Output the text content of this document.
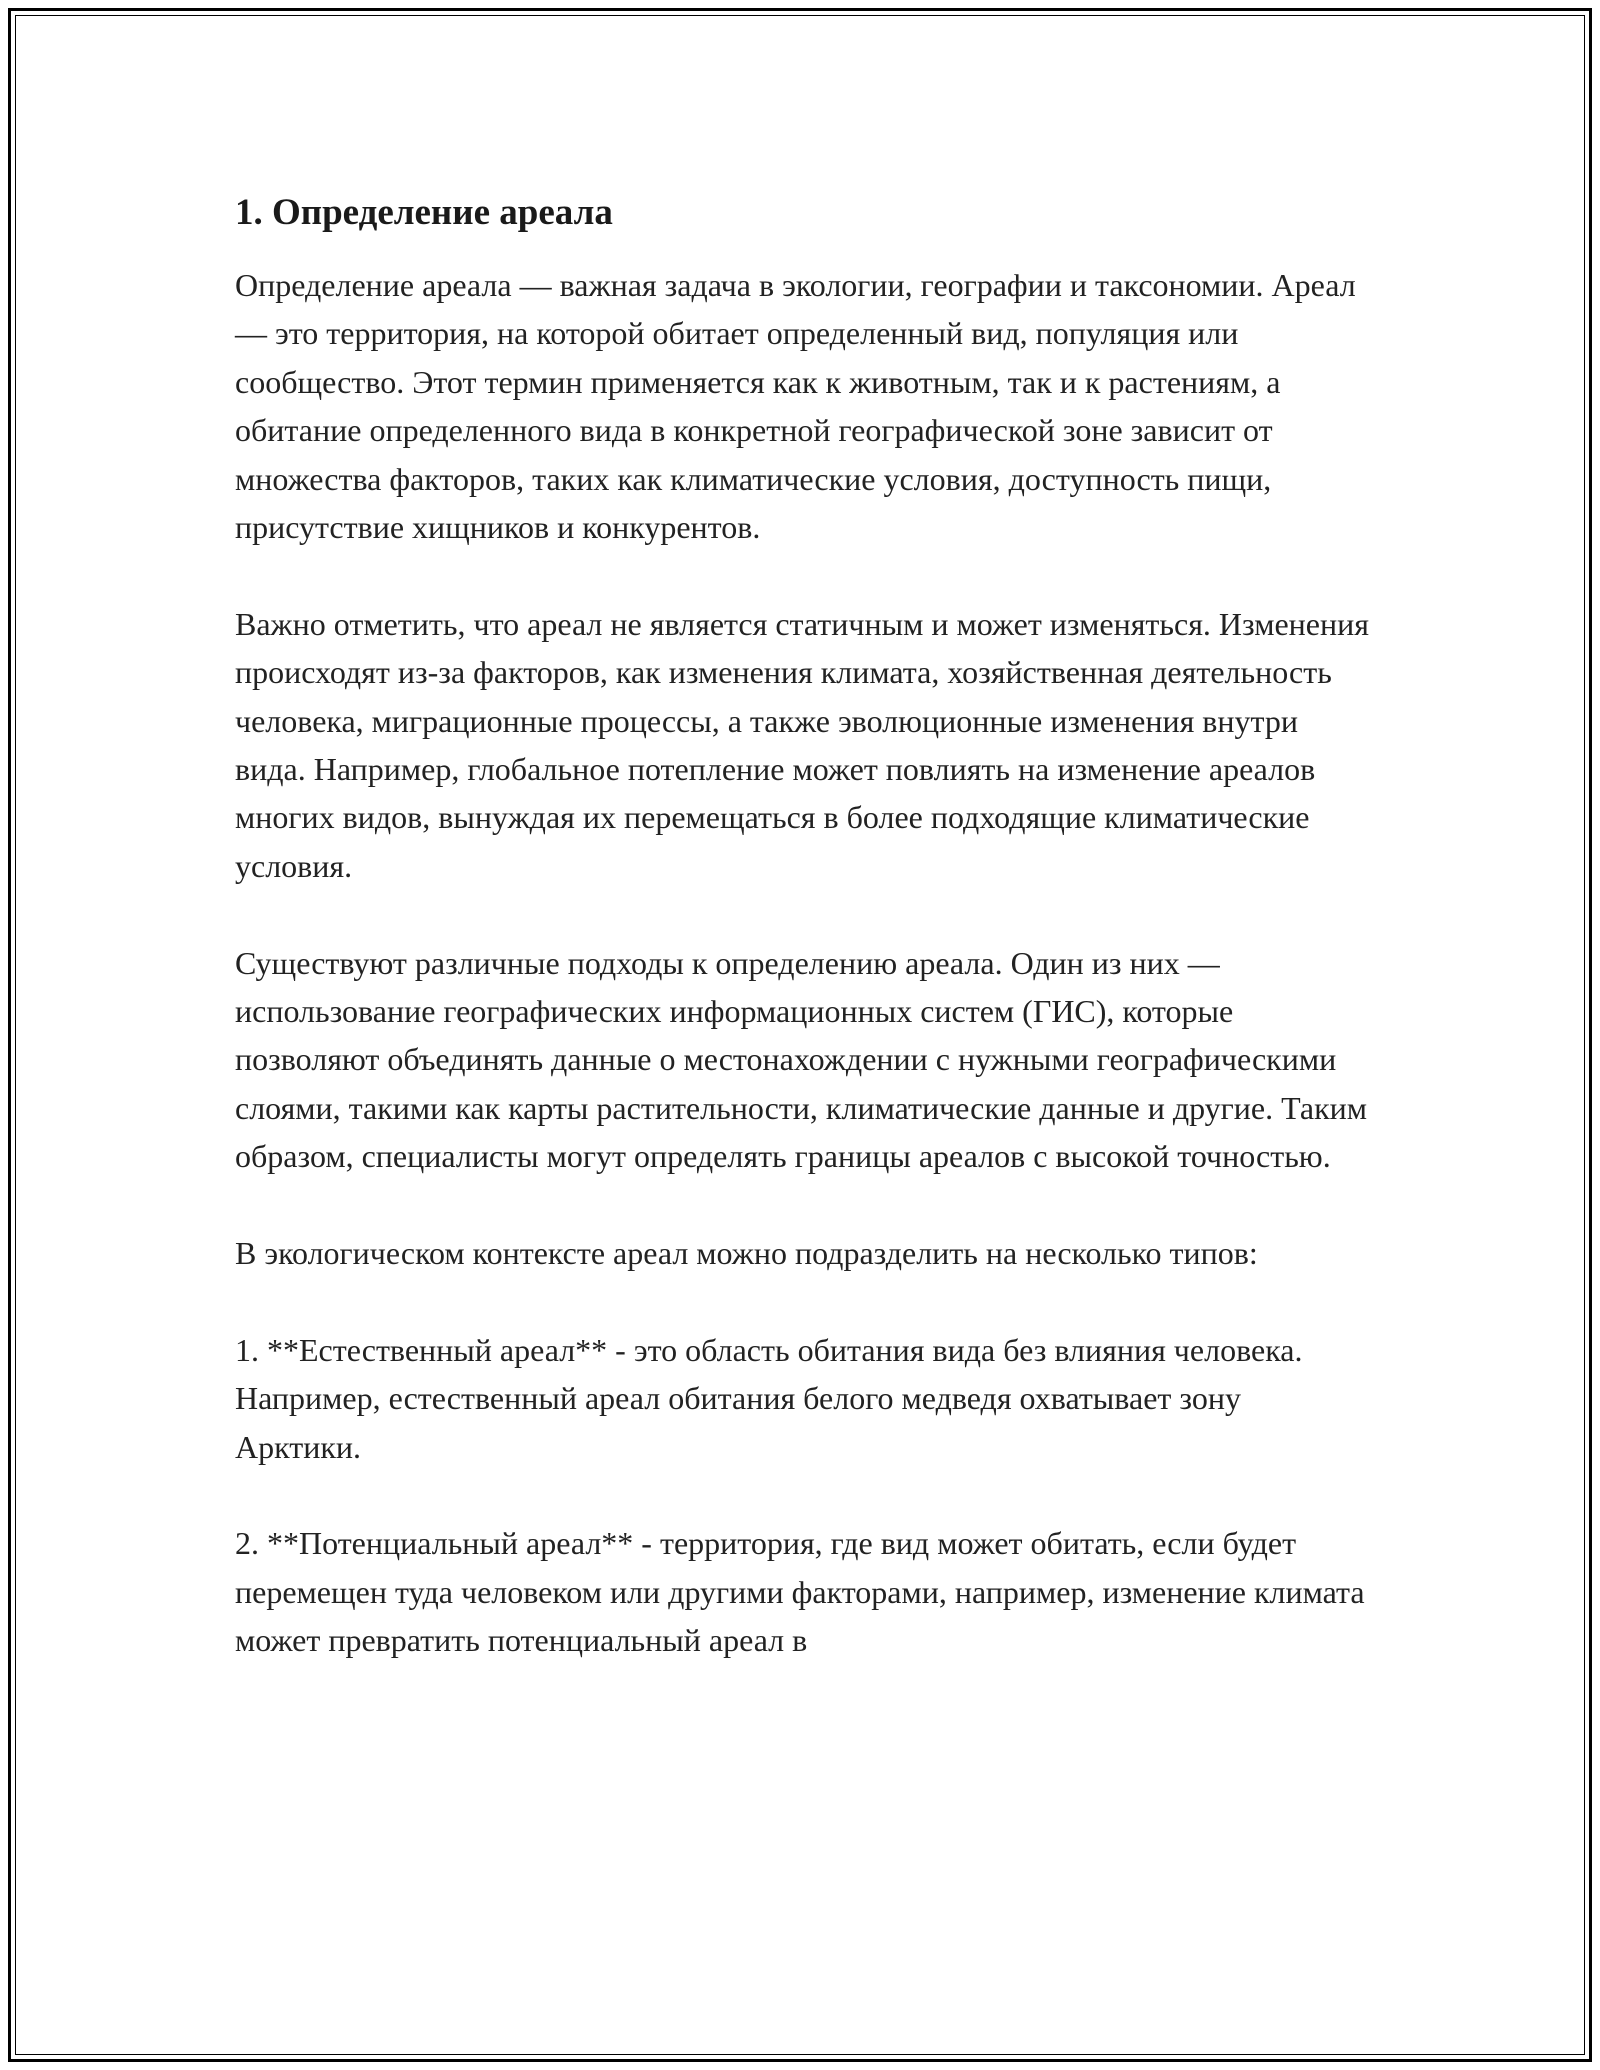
1. Определение ареала

Определение ареала — важная задача в экологии, географии и таксономии. Ареал — это территория, на которой обитает определенный вид, популяция или сообщество. Этот термин применяется как к животным, так и к растениям, а обитание определенного вида в конкретной географической зоне зависит от множества факторов, таких как климатические условия, доступность пищи, присутствие хищников и конкурентов.

Важно отметить, что ареал не является статичным и может изменяться. Изменения происходят из-за факторов, как изменения климата, хозяйственная деятельность человека, миграционные процессы, а также эволюционные изменения внутри вида. Например, глобальное потепление может повлиять на изменение ареалов многих видов, вынуждая их перемещаться в более подходящие климатические условия.

Существуют различные подходы к определению ареала. Один из них — использование географических информационных систем (ГИС), которые позволяют объединять данные о местонахождении с нужными географическими слоями, такими как карты растительности, климатические данные и другие. Таким образом, специалисты могут определять границы ареалов с высокой точностью.

В экологическом контексте ареал можно подразделить на несколько типов:

1. **Естественный ареал** - это область обитания вида без влияния человека. Например, естественный ареал обитания белого медведя охватывает зону Арктики.

2. **Потенциальный ареал** - территория, где вид может обитать, если будет перемещен туда человеком или другими факторами, например, изменение климата может превратить потенциальный ареал в
